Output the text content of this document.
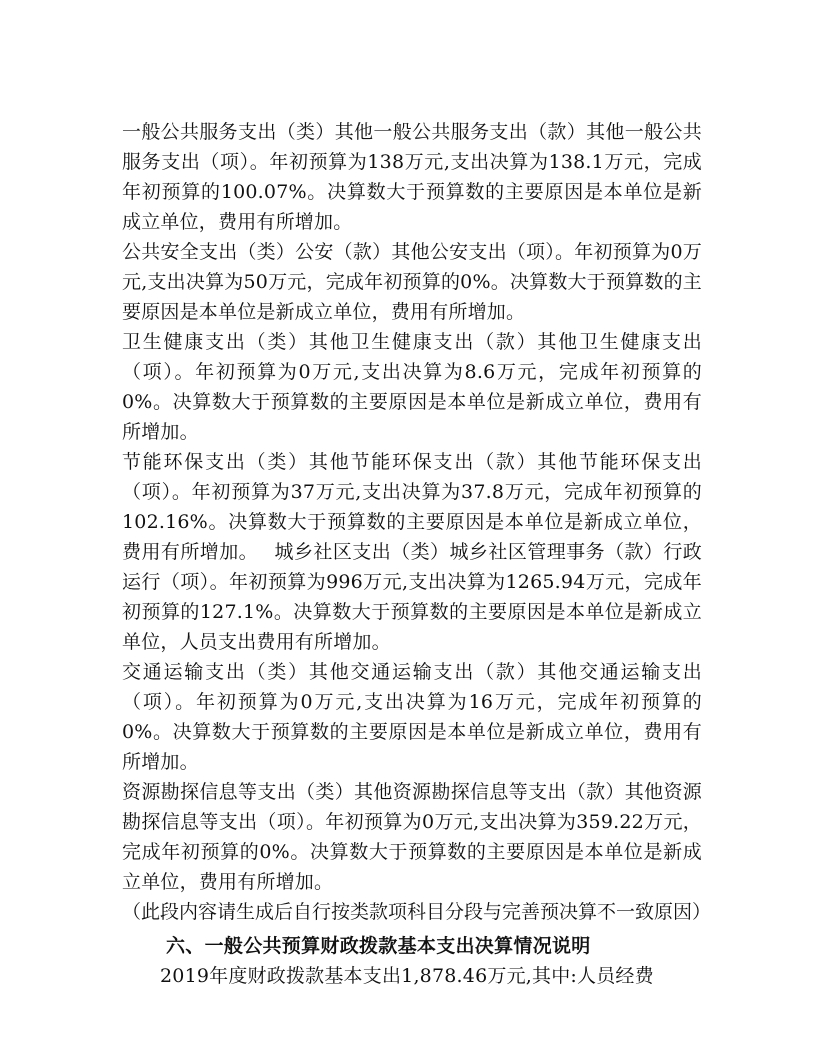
一般公共服务支出（类）其他一般公共服务支出（款）其他一般公共服务支出（项）。年初预算为138万元,支出决算为138.1万元，完成年初预算的100.07%。决算数大于预算数的主要原因是本单位是新成立单位，费用有所增加。

公共安全支出（类）公安（款）其他公安支出（项）。年初预算为0万元,支出决算为50万元，完成年初预算的0%。决算数大于预算数的主要原因是本单位是新成立单位，费用有所增加。

卫生健康支出（类）其他卫生健康支出（款）其他卫生健康支出（项）。年初预算为0万元,支出决算为8.6万元，完成年初预算的0%。决算数大于预算数的主要原因是本单位是新成立单位，费用有所增加。

节能环保支出（类）其他节能环保支出（款）其他节能环保支出（项）。年初预算为37万元,支出决算为37.8万元，完成年初预算的102.16%。决算数大于预算数的主要原因是本单位是新成立单位，费用有所增加。　 城乡社区支出（类）城乡社区管理事务（款）行政运行（项）。年初预算为996万元,支出决算为1265.94万元，完成年初预算的127.1%。决算数大于预算数的主要原因是本单位是新成立单位，人员支出费用有所增加。

交通运输支出（类）其他交通运输支出（款）其他交通运输支出（项）。年初预算为0万元,支出决算为16万元，完成年初预算的0%。决算数大于预算数的主要原因是本单位是新成立单位，费用有所增加。

资源勘探信息等支出（类）其他资源勘探信息等支出（款）其他资源勘探信息等支出（项）。年初预算为0万元,支出决算为359.22万元，完成年初预算的0%。决算数大于预算数的主要原因是本单位是新成立单位，费用有所增加。

（此段内容请生成后自行按类款项科目分段与完善预决算不一致原因）

六、一般公共预算财政拨款基本支出决算情况说明

2019年度财政拨款基本支出1,878.46万元,其中:人员经费
